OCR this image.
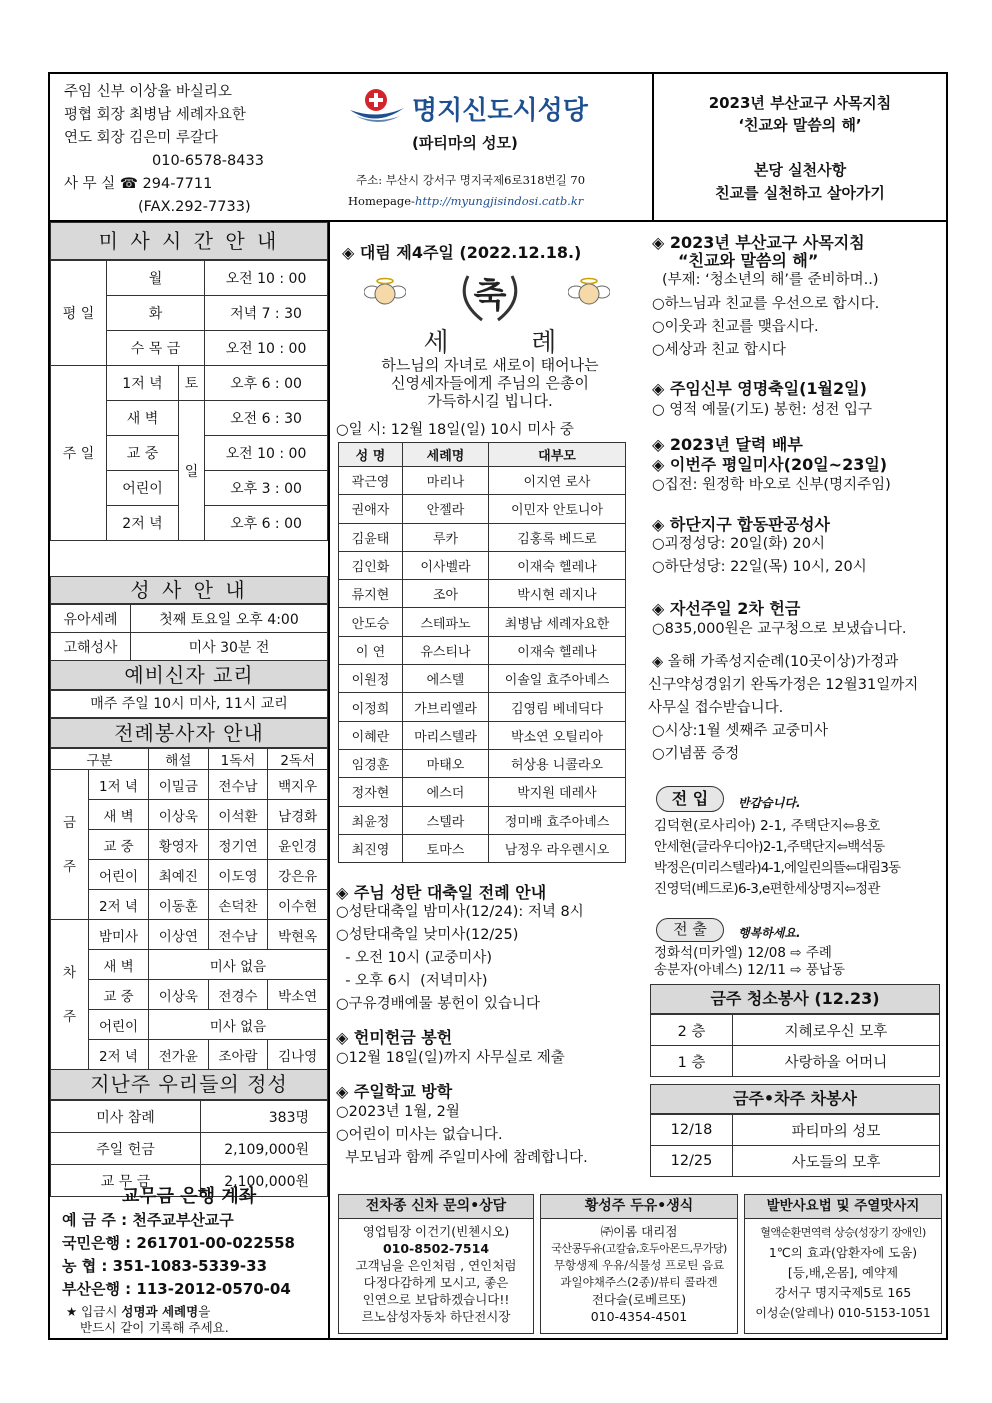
주임 신부 이상율 바실리오
평협 회장 최병남 세례자요한
연도 회장 김은미 루갈다
010-6578-8433
사 무 실 ☎ 294-7711
(FAX.292-7733)
명지신도시성당
(파티마의 성모)
주소: 부산시 강서구 명지국제6로318번길 70
Homepage-http://myungjisindosi.catb.kr
2023년 부산교구 사목지침
‘친교와 말씀의 해’
본당 실천사항
친교를 실천하고 살아가기
미 사 시 간 안 내
평 일	월		오전 10 : 00
	화		저녁 7 : 30
	수 목 금		오전 10 : 00
주 일	1저 녁	토	오후 6 : 00
	새 벽	일	오전 6 : 30
	교 중		오전 10 : 00
	어린이		오후 3 : 00
	2저 녁		오후 6 : 00
성 사 안 내
유아세례	첫째 토요일 오후 4:00
고해성사	미사 30분 전
예비신자 교리
매주 주일 10시 미사, 11시 교리
전례봉사자 안내
구분		해설	1독서	2독서
금
주	1저 녁	이밀금	전수남	백지우
	새 벽	이상욱	이석환	남경화
	교 중	황영자	정기연	윤인경
	어린이	최예진	이도영	강은유
	2저 녁	이동훈	손덕찬	이수현
차
주	밤미사	이상연	전수남	박현옥
	새 벽	미사 없음		
	교 중	이상욱	전경수	박소연
	어린이	미사 없음		
	2저 녁	전가윤	조아람	김나영
지난주 우리들의 정성
미사 참례	383명
주일 헌금	2,109,000원
교 무 금	2,100,000원
교무금 은행 계좌
예 금 주 : 천주교부산교구
국민은행 : 261701-00-022558
농 협 : 351-1083-5339-33
부산은행 : 113-2012-0570-04
★ 입금시 성명과 세례명을
반드시 같이 기록해 주세요.
◈ 대림 제4주일 (2022.12.18.)
축
세          례
하느님의 자녀로 새로이 태어나는
신영세자들에게 주님의 은총이
가득하시길 빕니다.
○일 시: 12월 18일(일) 10시 미사 중
성 명	세례명	대부모
곽근영	마리나	이지연 로사
권애자	안젤라	이민자 안토니아
김윤태	루카	김홍록 베드로
김인화	이사벨라	이재숙 헬레나
류지현	조아	박시현 레지나
안도승	스테파노	최병남 세례자요한
이 연	유스티나	이재숙 헬레나
이원정	에스텔	이솔일 효주아녜스
이정희	가브리엘라	김영림 베네딕다
이혜란	마리스텔라	박소연 오틸리아
임경훈	마태오	허상용 니콜라오
정자현	에스더	박지원 데레사
최윤정	스텔라	정미배 효주아녜스
최진영	토마스	남정우 라우렌시오
◈ 주님 성탄 대축일 전례 안내
○성탄대축일 밤미사(12/24): 저녁 8시
○성탄대축일 낮미사(12/25)
- 오전 10시 (교중미사)
- 오후 6시  (저녁미사)
○구유경배예물 봉헌이 있습니다
◈ 헌미헌금 봉헌
○12월 18일(일)까지 사무실로 제출
◈ 주일학교 방학
○2023년 1월, 2월
○어린이 미사는 없습니다.
부모님과 함께 주일미사에 참례합니다.
◈ 2023년 부산교구 사목지침
“친교와 말씀의 해”
(부제: ‘청소년의 해’를 준비하며..)
○하느님과 친교를 우선으로 합시다.
○이웃과 친교를 맺읍시다.
○세상과 친교 합시다
◈ 주임신부 영명축일(1월2일)
○ 영적 예물(기도) 봉헌: 성전 입구
◈ 2023년 달력 배부
◈ 이번주 평일미사(20일~23일)
○집전: 원정학 바오로 신부(명지주임)
◈ 하단지구 합동판공성사
○괴정성당: 20일(화) 20시
○하단성당: 22일(목) 10시, 20시
◈ 자선주일 2차 헌금
○835,000원은 교구청으로 보냈습니다.
◈ 올해 가족성지순례(10곳이상)가정과
신구약성경읽기 완독가정은 12월31일까지
사무실 접수받습니다.
○시상:1월 셋째주 교중미사
○기념품 증정
전 입	반갑습니다.
김덕현(로사리아) 2-1, 주택단지⇦용호
안세현(글라우디아)2-1,주택단지⇦백석동
박정은(미리스텔라)4-1,에일린의뜰⇦대림3동
진영덕(베드로)6-3,e편한세상명지⇦정관
전 출	행복하세요.
정화석(미카엘) 12/08 ⇨ 주례
송분자(아녜스) 12/11 ⇨ 풍납동
금주 청소봉사 (12.23)
2 층	지혜로우신 모후
1 층	사랑하올 어머니
금주•차주 차봉사
12/18	파티마의 성모
12/25	사도들의 모후
전차종 신차 문의•상담
영업팀장 이건기(빈첸시오)
010-8502-7514
고객님을 은인처럼 , 연인처럼
다정다감하게 모시고, 좋은
인연으로 보답하겠습니다!!
르노삼성자동차 하단전시장
황성주 두유•생식
㈜이롬 대리점
국산콩두유(고칼슘,호두아몬드,무가당)
무항생제 우유/식물성 프로틴 음료
과일야채주스(2종)/뷰티 콜라겐
전다슬(로베르또)
010-4354-4501
발반사요법 및 주열맛사지
혈액순환면역력 상승(성장기 장애인)
1℃의 효과(암환자에 도움)
[등,배,온몸], 예약제
강서구 명지국제5로 165
이성순(알레나) 010-5153-1051
